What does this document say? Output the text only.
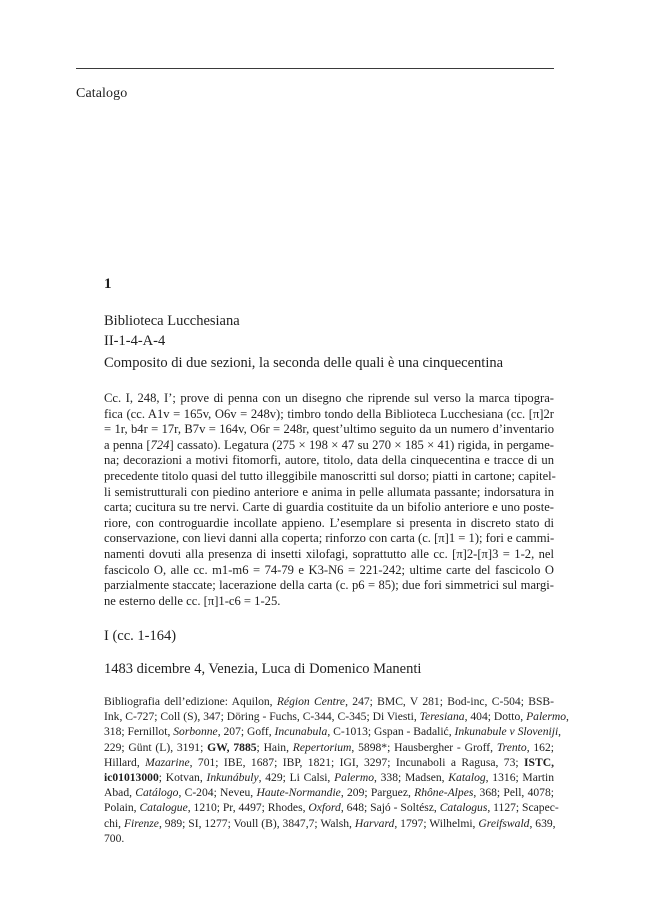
Catalogo
1
Biblioteca Lucchesiana
II-1-4-A-4
Composito di due sezioni, la seconda delle quali è una cinquecentina
Cc. I, 248, I’; prove di penna con un disegno che riprende sul verso la marca tipogra-
fica (cc. A1v = 165v, O6v = 248v); timbro tondo della Biblioteca Lucchesiana (cc. [π]2r
= 1r, b4r = 17r, B7v = 164v, O6r = 248r, quest’ultimo seguito da un numero d’inventario
a penna [724] cassato). Legatura (275 × 198 × 47 su 270 × 185 × 41) rigida, in pergame-
na; decorazioni a motivi fitomorfi, autore, titolo, data della cinquecentina e tracce di un
precedente titolo quasi del tutto illeggibile manoscritti sul dorso; piatti in cartone; capitel-
li semistrutturali con piedino anteriore e anima in pelle allumata passante; indorsatura in
carta; cucitura su tre nervi. Carte di guardia costituite da un bifolio anteriore e uno poste-
riore, con controguardie incollate appieno. L’esemplare si presenta in discreto stato di
conservazione, con lievi danni alla coperta; rinforzo con carta (c. [π]1 = 1); fori e cammi-
namenti dovuti alla presenza di insetti xilofagi, soprattutto alle cc. [π]2-[π]3 = 1-2, nel
fascicolo O, alle cc. m1-m6 = 74-79 e K3-N6 = 221-242; ultime carte del fascicolo O
parzialmente staccate; lacerazione della carta (c. p6 = 85); due fori simmetrici sul margi-
ne esterno delle cc. [π]1-c6 = 1-25.
I (cc. 1-164)
1483 dicembre 4, Venezia, Luca di Domenico Manenti
Bibliografia dell’edizione: Aquilon, Région Centre, 247; BMC, V 281; Bod-inc, C-504; BSB-
Ink, C-727; Coll (S), 347; Döring - Fuchs, C-344, C-345; Di Viesti, Teresiana, 404; Dotto, Palermo,
318; Fernillot, Sorbonne, 207; Goff, Incunabula, C-1013; Gspan - Badalić, Inkunabule v Sloveniji,
229; Günt (L), 3191; GW, 7885; Hain, Repertorium, 5898*; Hausbergher - Groff, Trento, 162;
Hillard, Mazarine, 701; IBE, 1687; IBP, 1821; IGI, 3297; Incunaboli a Ragusa, 73; ISTC,
ic01013000; Kotvan, Inkunábuly, 429; Li Calsi, Palermo, 338; Madsen, Katalog, 1316; Martin
Abad, Catálogo, C-204; Neveu, Haute-Normandie, 209; Parguez, Rhône-Alpes, 368; Pell, 4078;
Polain, Catalogue, 1210; Pr, 4497; Rhodes, Oxford, 648; Sajó - Soltész, Catalogus, 1127; Scapec-
chi, Firenze, 989; SI, 1277; Voull (B), 3847,7; Walsh, Harvard, 1797; Wilhelmi, Greifswald, 639,
700.
